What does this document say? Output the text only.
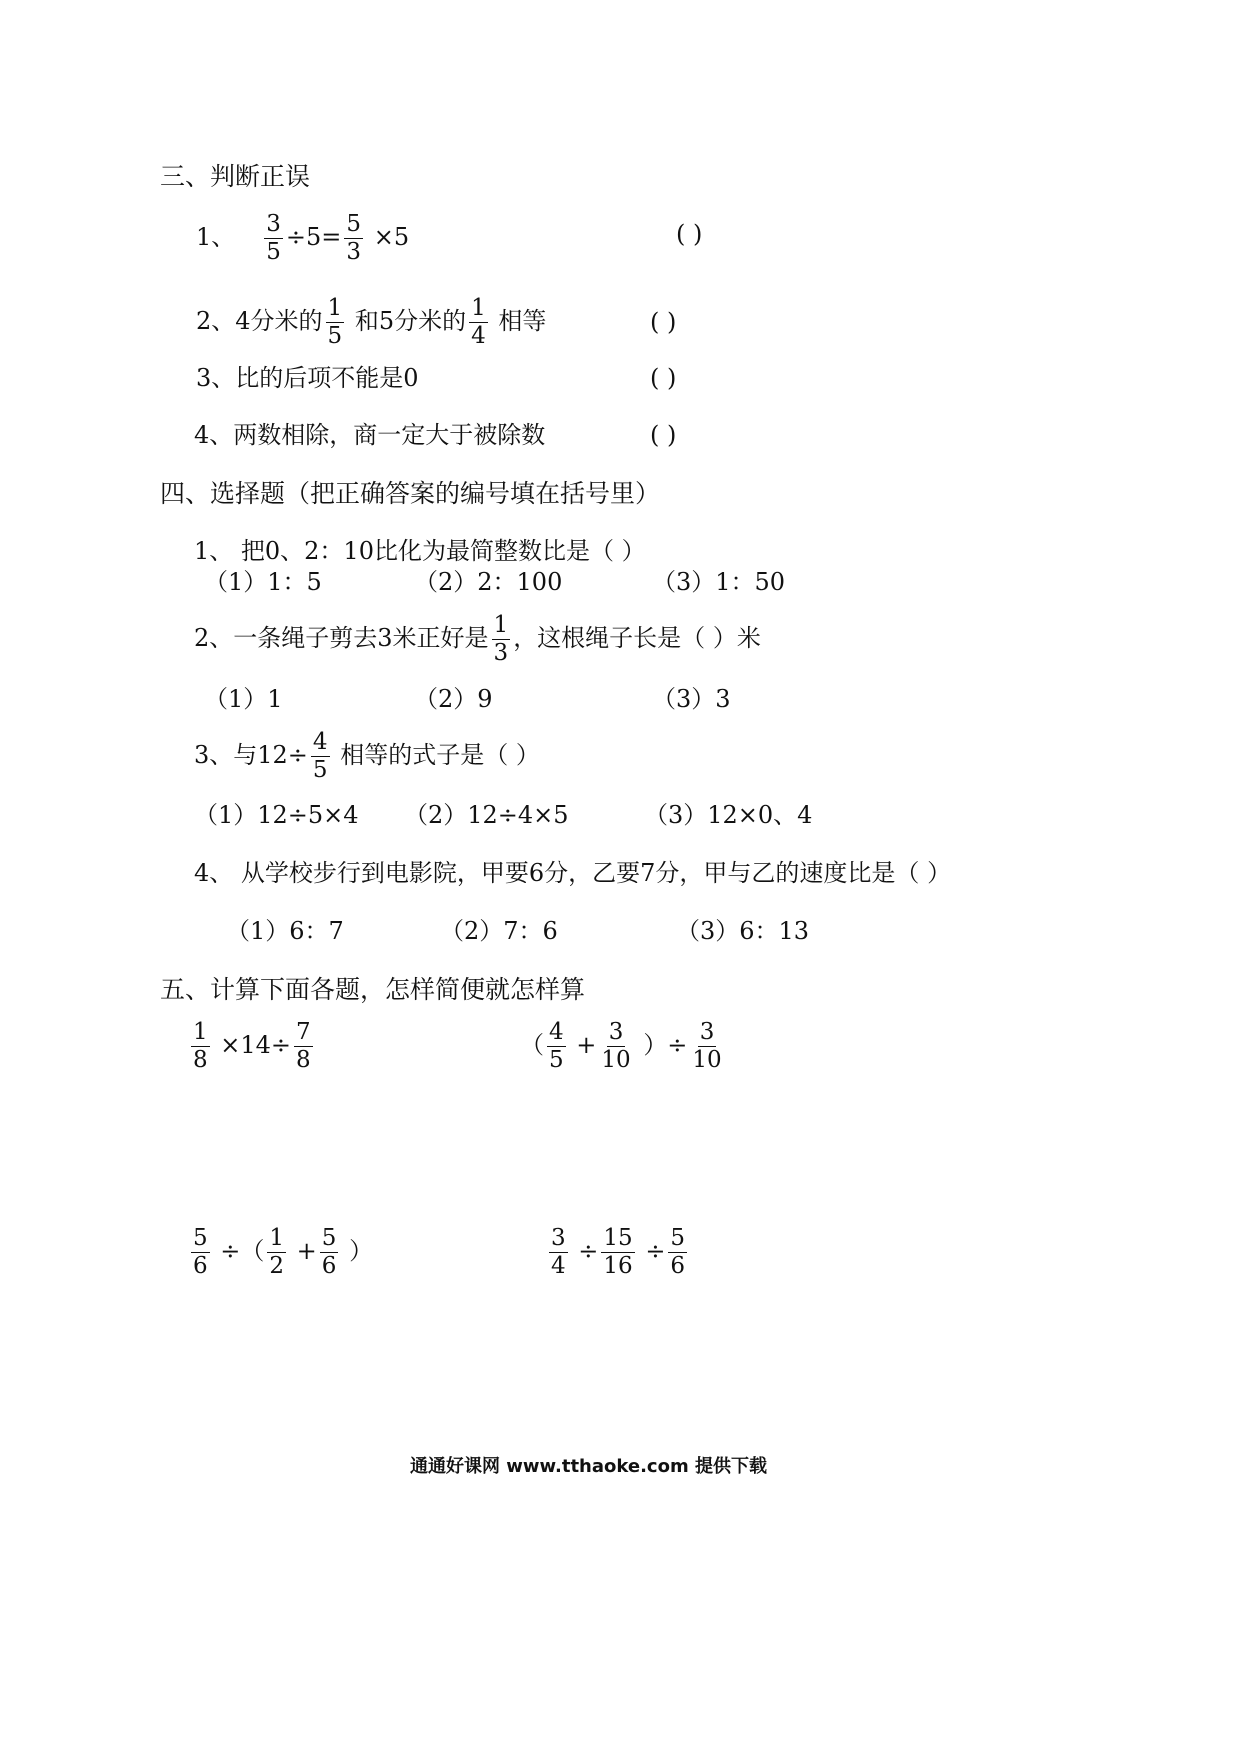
三、判断正误
1、 $\frac{3}{5} \div 5= \frac{5}{3} \times 5$	( )
2、4分米的 $\frac{1}{5}$ 和5分米的 $\frac{1}{4}$ 相等	( )
3、比的后项不能是0	( )
4、两数相除，商一定大于被除数	( )
四、选择题（把正确答案的编号填在括号里）
1、 把0、2：10比化为最简整数比是（ ）
（1）1：5	（2）2：100	（3）1：50
2、一条绳子剪去3米正好是 $\frac{1}{3}$ ，这根绳子长是（ ）米
（1）1	（2）9	（3）3
3、与$12\div \frac{4}{5}$ 相等的式子是（ ）
（1）12÷5×4 （2）12÷4×5	（3）12×0、4
4、 从学校步行到电影院，甲要6分，乙要7分，甲与乙的速度比是（ ）
（1）6：7	（2）7：6	（3）6：13
五、计算下面各题，怎样简便就怎样算
$\frac{1}{8} \times 14\div \frac{7}{8}$	（ $\frac{4}{5} + \frac{3}{10}$ ）÷ $\frac{3}{10}$
$\frac{5}{6}$ ÷（ $\frac{1}{2} + \frac{5}{6}$ ）	$\frac{3}{4} \div \frac{15}{16} \div \frac{5}{6}$
通通好课网 www.tthaoke.com 提供下载
